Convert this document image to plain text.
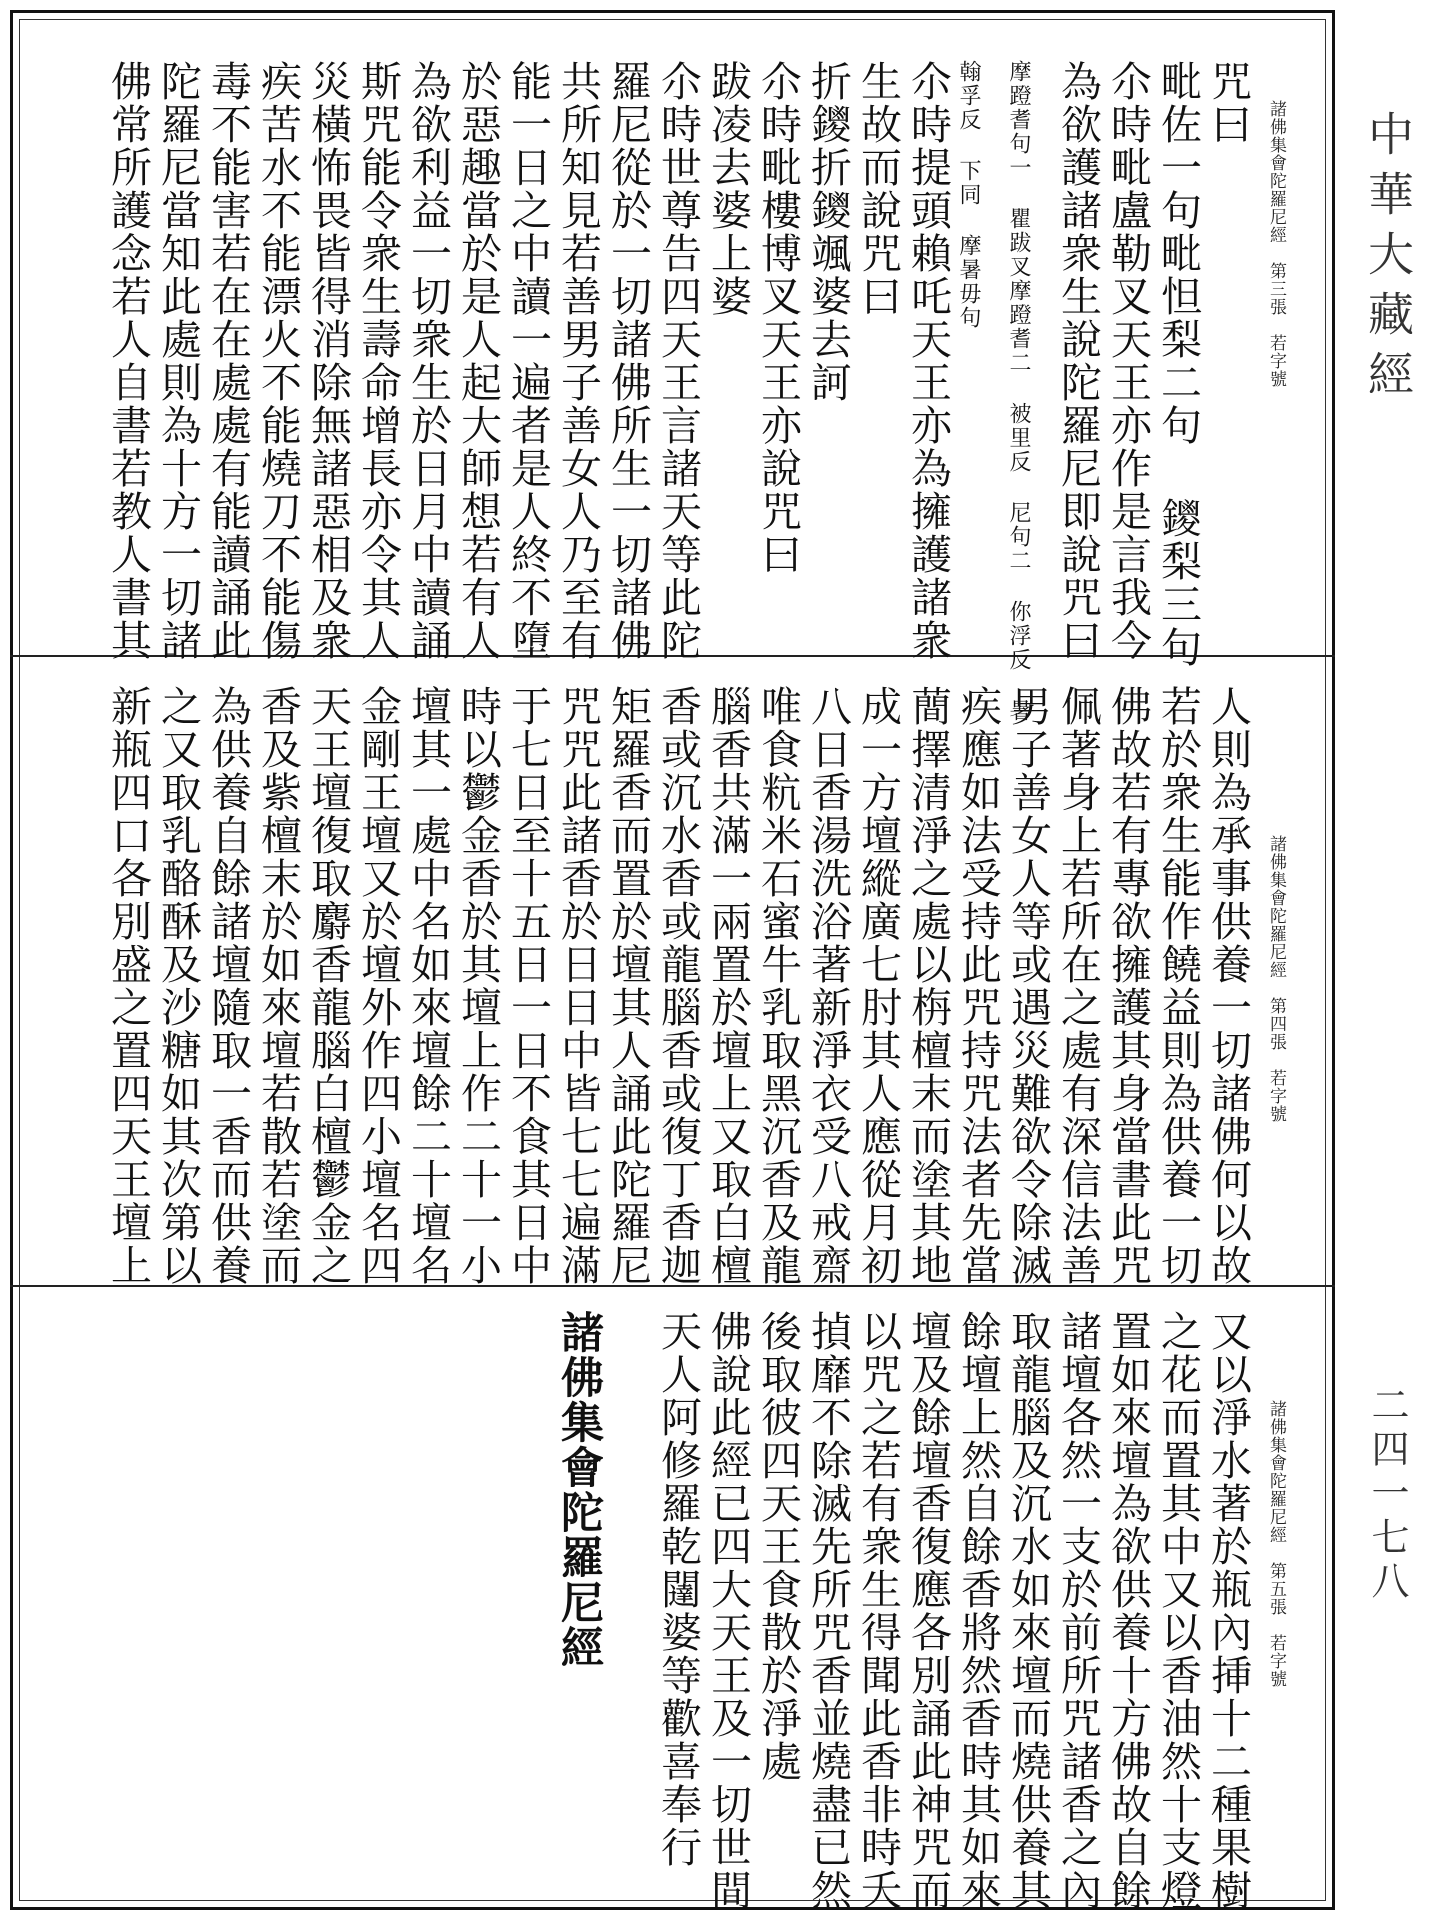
中華大藏經
二四一七八
諸佛集會陀羅尼經　第三張　若字號
咒曰
毗佐一句毗怛梨二句 鑁梨三句
尒時毗盧勒叉天王亦作是言我今
為欲護諸衆生說陀羅尼即說咒曰
摩蹬耆句一 瞿跋叉摩蹬耆二 被里反 尼句二 你浮反 暑
翰孚反 下同 摩暑毋句
尒時提頭賴吒天王亦為擁護諸衆
生故而說咒曰
折鑁折鑁颯婆去訶
尒時毗樓博叉天王亦說咒曰
跋凌去婆上婆
尒時世尊告四天王言諸天等此陀
羅尼從於一切諸佛所生一切諸佛
共所知見若善男子善女人乃至有
能一日之中讀一遍者是人終不墮
於惡趣當於是人起大師想若有人
為欲利益一切衆生於日月中讀誦
斯咒能令衆生壽命增長亦令其人
災橫怖畏皆得消除無諸惡相及衆
疾苦水不能漂火不能燒刀不能傷
毒不能害若在在處處有能讀誦此
陀羅尼當知此處則為十方一切諸
佛常所護念若人自書若教人書其
諸佛集會陀羅尼經　第四張　若字號
人則為承事供養一切諸佛何以故
若於衆生能作饒益則為供養一切
佛故若有專欲擁護其身當書此咒
佩著身上若所在之處有深信法善
男子善女人等或遇災難欲令除滅
疾應如法受持此咒持咒法者先當
蕳擇清淨之處以栴檀末而塗其地
成一方壇縱廣七肘其人應從月初
八日香湯洗浴著新淨衣受八戒齋
唯食粇米石蜜牛乳取黑沉香及龍
腦香共滿一兩置於壇上又取白檀
香或沉水香或龍腦香或復丁香迦
矩羅香而置於壇其人誦此陀羅尼
咒咒此諸香於日日中皆七七遍滿
于七日至十五日一日不食其日中
時以鬱金香於其壇上作二十一小
壇其一處中名如來壇餘二十壇名
金剛王壇又於壇外作四小壇名四
天王壇復取麝香龍腦白檀鬱金之
香及紫檀末於如來壇若散若塗而
為供養自餘諸壇隨取一香而供養
之又取乳酪酥及沙糖如其次第以
新瓶四口各別盛之置四天王壇上
諸佛集會陀羅尼經　第五張　若字號
又以淨水著於瓶內挿十二種果樹
之花而置其中又以香油然十支燈
置如來壇為欲供養十方佛故自餘
諸壇各然一支於前所咒諸香之內
取龍腦及沉水如來壇而燒供養其
餘壇上然自餘香將然香時其如來
壇及餘壇香復應各別誦此神咒而
以咒之若有衆生得聞此香非時夭
揁靡不除滅先所咒香並燒盡已然
後取彼四天王食散於淨處
佛說此經已四大天王及一切世間
天人阿修羅乾闥婆等歡喜奉行
諸佛集會陀羅尼經
